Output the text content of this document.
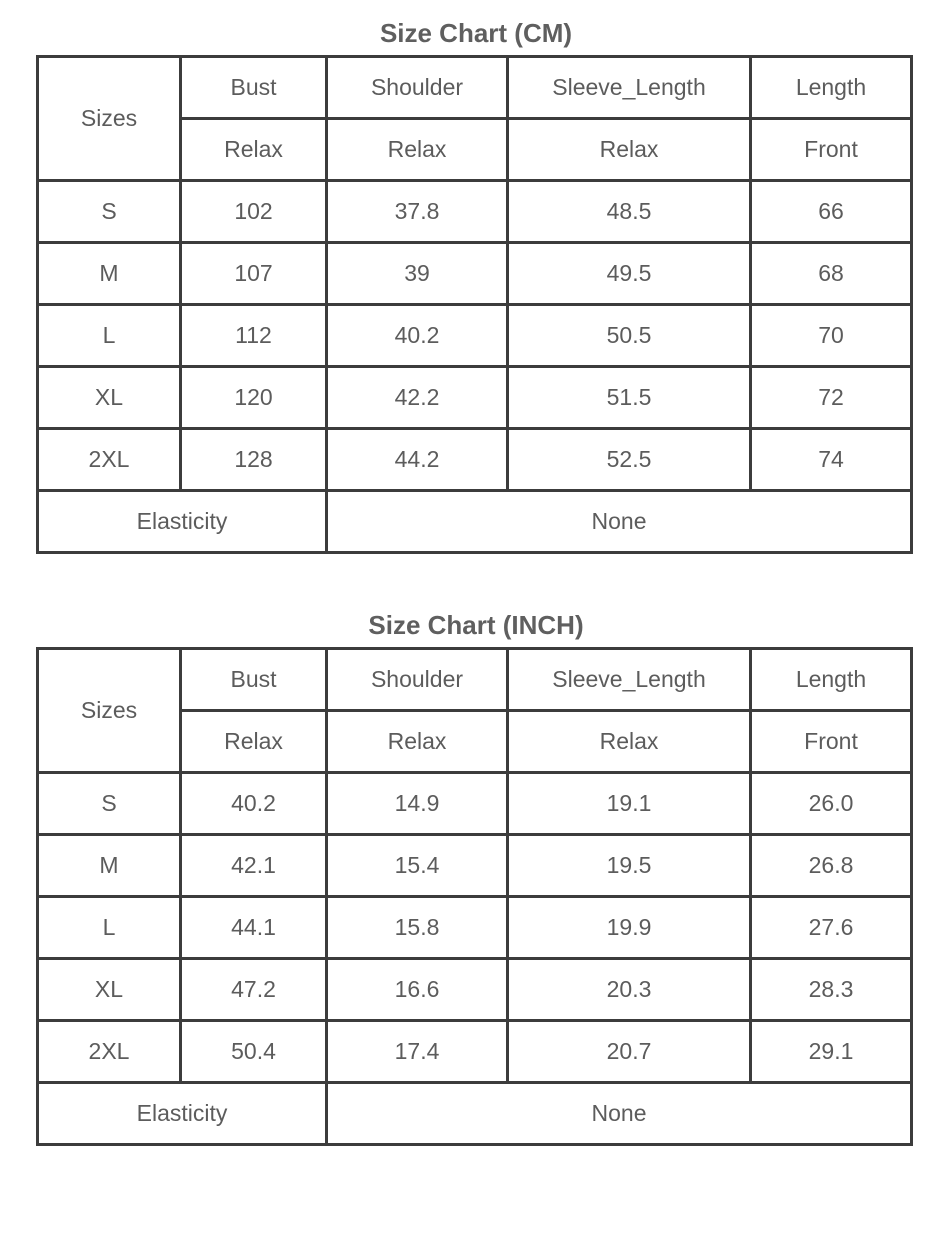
Size Chart (CM)
Sizes	Bust	Shoulder	Sleeve_Length	Length
	Relax	Relax	Relax	Front
S	102	37.8	48.5	66
M	107	39	49.5	68
L	112	40.2	50.5	70
XL	120	42.2	51.5	72
2XL	128	44.2	52.5	74
Elasticity		None		
Size Chart (INCH)
Sizes	Bust	Shoulder	Sleeve_Length	Length
	Relax	Relax	Relax	Front
S	40.2	14.9	19.1	26.0
M	42.1	15.4	19.5	26.8
L	44.1	15.8	19.9	27.6
XL	47.2	16.6	20.3	28.3
2XL	50.4	17.4	20.7	29.1
Elasticity		None		
